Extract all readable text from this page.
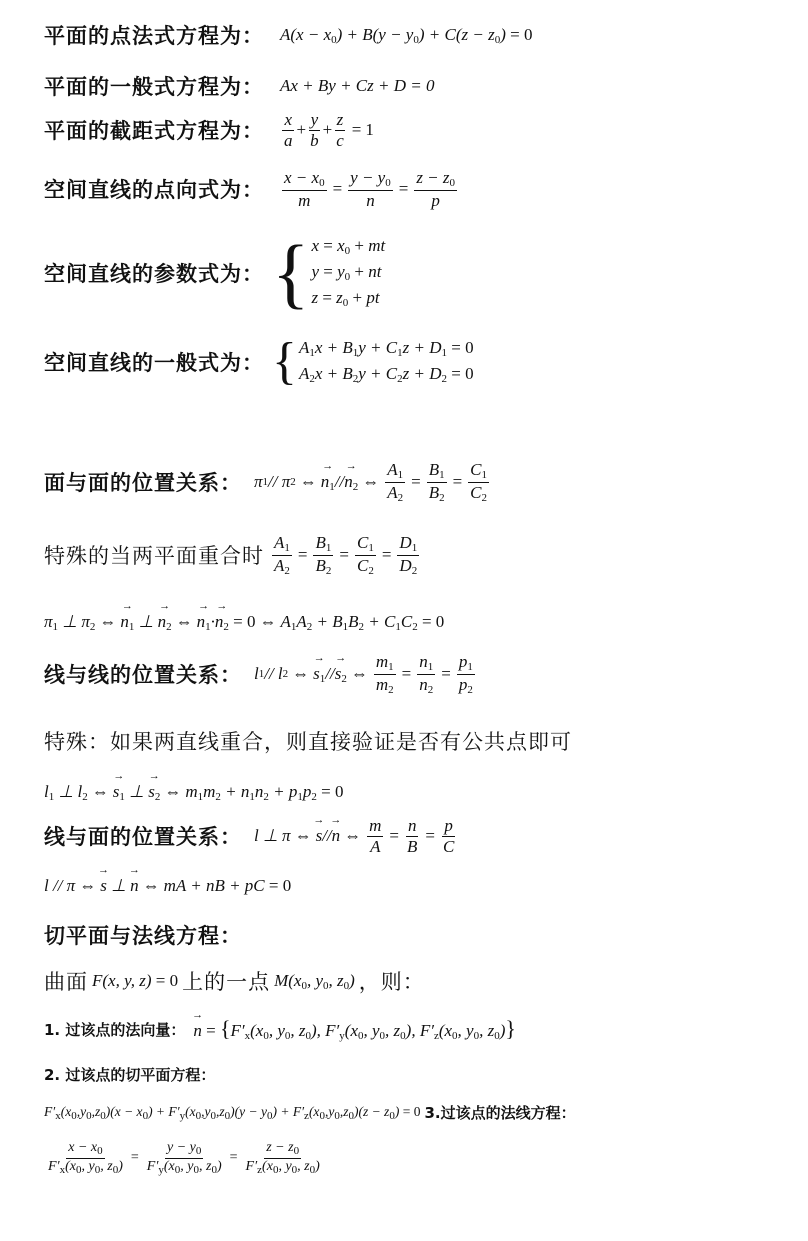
平面的点法式方程为： $A(x - x_0) + B(y - y_0) + C(z - z_0) = 0$
平面的一般式方程为： Ax + By + Cz + D = 0
平面的截距式方程为： x
a
+ $\frac{y}{b} + \frac{z}{c} = 1$
空间直线的点向式为： $\frac{x - x_0}{m} = \frac{y - y_0}{n} = \frac{z - z_0}{p}$
空间直线的参数式为： { $x = x_0$ + mt
$y = y_0$ + nt
$z = z_0$ + pt
空间直线的一般式为： { $A_1x + B_1y + C_1z + D_1 = 0$
$A_2x + B_2y + C_2z + D_2 = 0$
面与面的位置关系： π 1 // π 2 ⇔ → $n_1$ // → $n_2$ ⇔ $\frac{A_1}{A_2} = \frac{B_1}{B_2} = \frac{C_1}{C_2}$
特殊的当两平面重合时 $\frac{A_1}{A_2} = \frac{B_1}{B_2} = \frac{C_1}{C_2} = \frac{D_1}{D_2}$
$\pi_1$ ⊥ $\pi_2$ ⇔ → $n_1$ ⊥ → $n_2$ ⇔ → $n_1\cdot\to n_2 = 0$ ⇔ $A_1A_2 + B_1B_2 + C_1C_2 = 0$
线与线的位置关系： l 1 // l 2 ⇔ → $s_1$ // → $s_2$ ⇔ $\frac{m_1}{m_2} = \frac{n_1}{n_2} = \frac{p_1}{p_2}$
特殊：如果两直线重合，则直接验证是否有公共点即可
$l_1$ ⊥ $l_2$ ⇔ → $s_1$ ⊥ → $s_2$ ⇔ $m_1m_2 + n_1n_2 + p_1p_2 = 0$
线与面的位置关系： l ⊥ π ⇔ → s // → n ⇔ $\frac{m}{A} = \frac{n}{B} = \frac{p}{C}$
l // π ⇔ → s ⊥ → n ⇔ mA + nB + pC = 0
切平面与法线方程：
曲面 F(x, y, z) = 0 上的一点 $M(x_0$, $y_0$, $z_0$) ，则：
1. 过该点的法向量： → $n = \{F'_x(x_0$, $y_0$, $z_0$), $F'_y(x_0$, $y_0$, $z_0$), $F'_z(x_0$, $y_0$, $z_0$)}
2. 过该点的切平面方程：
$F'_x(x_0,y_0,z_0)(x - x_0) + F'_y(x_0,y_0,z_0)(y - y_0) + F'_z(x_0,y_0,z_0)(z - z_0) = 0$ 3.过该点的法线方程：
$\frac{x - x_0}{F'_x(x_0, y_0, z_0)} = \frac{y - y_0}{F'_y(x_0, y_0, z_0)} = \frac{z - z_0}{F'_z(x_0, y_0, z_0)}$
